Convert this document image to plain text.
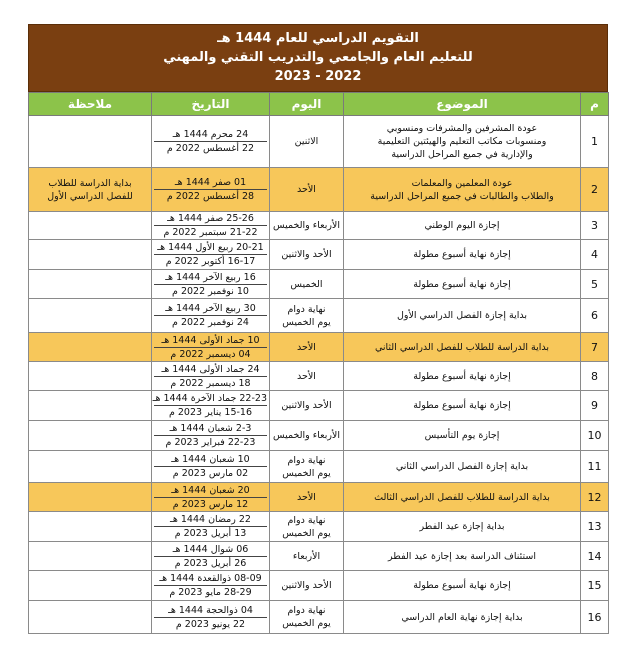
التقويم الدراسي للعام 1444 هـ
للتعليم العام والجامعي والتدريب التقني والمهني
2022 - 2023
م	الموضوع	اليوم	التاريخ	ملاحظة
1	عودة المشرفين والمشرفات ومنسوبي
ومنسوبات مكاتب التعليم والهيئتين التعليمية
والإدارية في جميع المراحل الدراسية	الاثنين	24 محرم 1444 هـ
22 أغسطس 2022 م	

2	عودة المعلمين والمعلمات
والطلاب والطالبات في جميع المراحل الدراسية	الأحد	01 صفر 1444 هـ
28 أغسطس 2022 م	بداية الدراسة للطلاب
للفصل الدراسي الأول

3	إجازة اليوم الوطني	الأربعاء والخميس	25-26 صفر 1444 هـ
21-22 سبتمبر 2022 م	

4	إجازة نهاية أسبوع مطولة	الأحد والاثنين	20-21 ربيع الأول 1444 هـ
16-17 أكتوبر 2022 م	

5	إجازة نهاية أسبوع مطولة	الخميس	16 ربيع الآخر 1444 هـ
10 نوفمبر 2022 م	

6	بداية إجازة الفصل الدراسي الأول	نهاية دوام
يوم الخميس	30 ربيع الآخر 1444 هـ
24 نوفمبر 2022 م	

7	بداية الدراسة للطلاب للفصل الدراسي الثاني	الأحد	10 جماد الأولى 1444 هـ
04 ديسمبر 2022 م	

8	إجازة نهاية أسبوع مطولة	الأحد	24 جماد الأولى 1444 هـ
18 ديسمبر 2022 م	

9	إجازة نهاية أسبوع مطولة	الأحد والاثنين	22-23 جماد الآخرة 1444 هـ
15-16 يناير 2023 م	

10	إجازة يوم التأسيس	الأربعاء والخميس	2-3 شعبان 1444 هـ
22-23 فبراير 2023 م	

11	بداية إجازة الفصل الدراسي الثاني	نهاية دوام
يوم الخميس	10 شعبان 1444 هـ
02 مارس 2023 م	

12	بداية الدراسة للطلاب للفصل الدراسي الثالث	الأحد	20 شعبان 1444 هـ
12 مارس 2023 م	

13	بداية إجازة عيد الفطر	نهاية دوام
يوم الخميس	22 رمضان 1444 هـ
13 أبريل 2023 م	

14	استئناف الدراسة بعد إجازة عيد الفطر	الأربعاء	06 شوال 1444 هـ
26 أبريل 2023 م	

15	إجازة نهاية أسبوع مطولة	الأحد والاثنين	08-09 ذوالقعدة 1444 هـ
28-29 مايو 2023 م	

16	بداية إجازة نهاية العام الدراسي	نهاية دوام
يوم الخميس	04 ذوالحجة 1444 هـ
22 يونيو 2023 م	
